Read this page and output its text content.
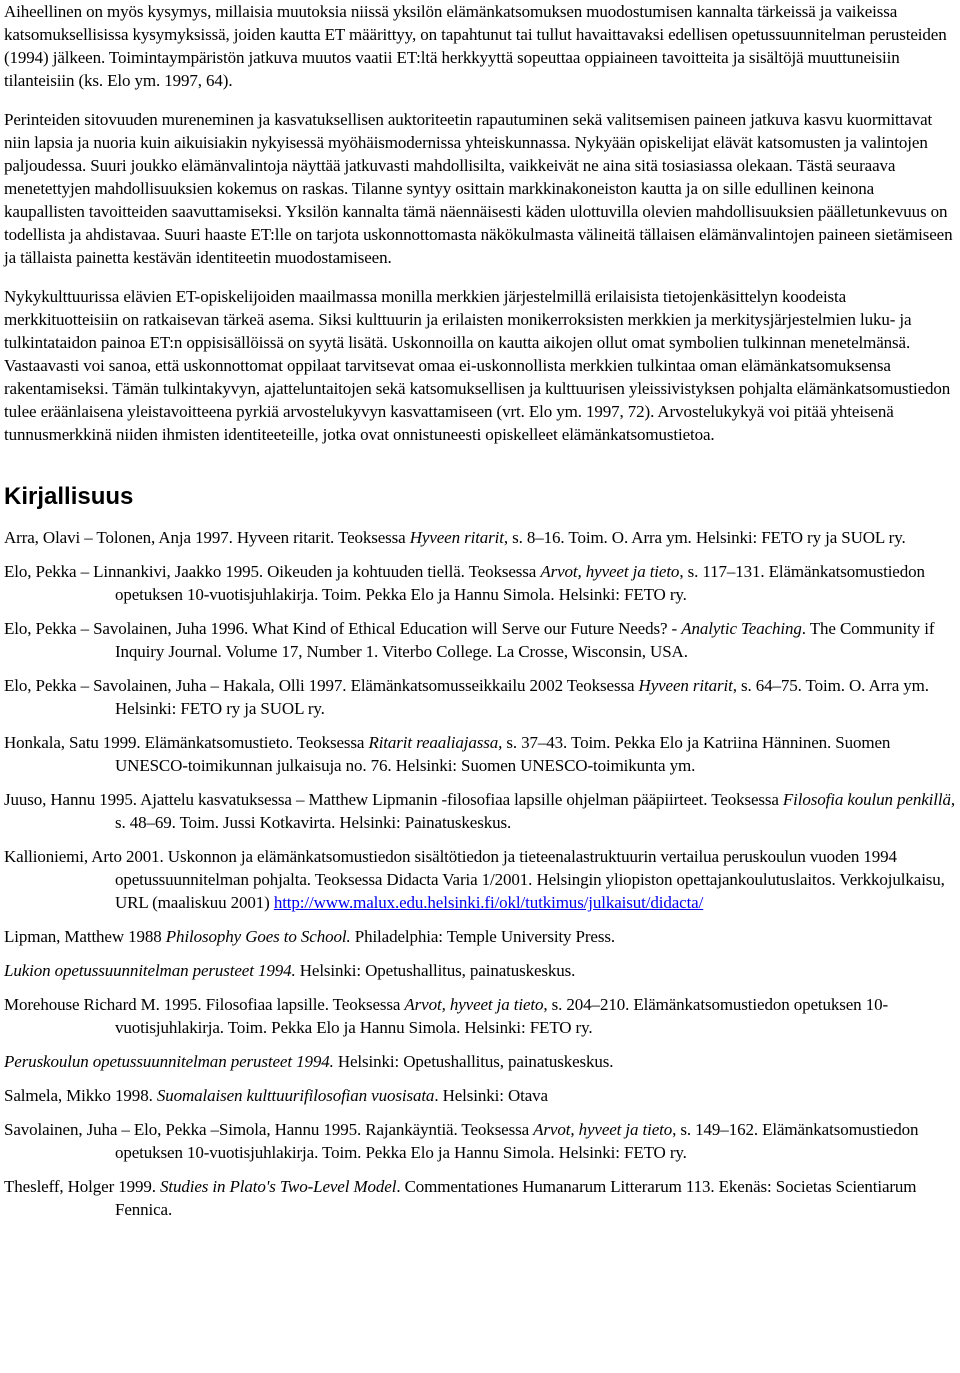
Aiheellinen on myös kysymys, millaisia muutoksia niissä yksilön elämänkatsomuksen muodostumisen kannalta tärkeissä ja vaikeissa katsomuksellisissa kysymyksissä, joiden kautta ET määrittyy, on tapahtunut tai tullut havaittavaksi edellisen opetussuunnitelman perusteiden (1994) jälkeen. Toimintaympäristön jatkuva muutos vaatii ET:ltä herkkyyttä sopeuttaa oppiaineen tavoitteita ja sisältöjä muuttuneisiin tilanteisiin (ks. Elo ym. 1997, 64).

Perinteiden sitovuuden mureneminen ja kasvatuksellisen auktoriteetin rapautuminen sekä valitsemisen paineen jatkuva kasvu kuormittavat niin lapsia ja nuoria kuin aikuisiakin nykyisessä myöhäismodernissa yhteiskunnassa. Nykyään opiskelijat elävät katsomusten ja valintojen paljoudessa. Suuri joukko elämänvalintoja näyttää jatkuvasti mahdollisilta, vaikkeivät ne aina sitä tosiasiassa olekaan. Tästä seuraava menetettyjen mahdollisuuksien kokemus on raskas. Tilanne syntyy osittain markkinakoneiston kautta ja on sille edullinen keinona kaupallisten tavoitteiden saavuttamiseksi. Yksilön kannalta tämä näennäisesti käden ulottuvilla olevien mahdollisuuksien päälletunkevuus on todellista ja ahdistavaa. Suuri haaste ET:lle on tarjota uskonnottomasta näkökulmasta välineitä tällaisen elämänvalintojen paineen sietämiseen ja tällaista painetta kestävän identiteetin muodostamiseen.

Nykykulttuurissa elävien ET-opiskelijoiden maailmassa monilla merkkien järjestelmillä erilaisista tietojenkäsittelyn koodeista merkkituotteisiin on ratkaisevan tärkeä asema. Siksi kulttuurin ja erilaisten monikerroksisten merkkien ja merkitysjärjestelmien luku- ja tulkintataidon painoa ET:n oppisisällöissä on syytä lisätä. Uskonnoilla on kautta aikojen ollut omat symbolien tulkinnan menetelmänsä. Vastaavasti voi sanoa, että uskonnottomat oppilaat tarvitsevat omaa ei-uskonnollista merkkien tulkintaa oman elämänkatsomuksensa rakentamiseksi. Tämän tulkintakyvyn, ajatteluntaitojen sekä katsomuksellisen ja kulttuurisen yleissivistyksen pohjalta elämänkatsomustiedon tulee eräänlaisena yleistavoitteena pyrkiä arvostelukyvyn kasvattamiseen (vrt. Elo ym. 1997, 72). Arvostelukykyä voi pitää yhteisenä tunnusmerkkinä niiden ihmisten identiteeteille, jotka ovat onnistuneesti opiskelleet elämänkatsomustietoa.

Kirjallisuus

Arra, Olavi – Tolonen, Anja 1997. Hyveen ritarit. Teoksessa Hyveen ritarit, s. 8–16. Toim. O. Arra ym. Helsinki: FETO ry ja SUOL ry.

Elo, Pekka – Linnankivi, Jaakko 1995. Oikeuden ja kohtuuden tiellä. Teoksessa Arvot, hyveet ja tieto, s. 117–131. Elämänkatsomustiedon opetuksen 10-vuotisjuhlakirja. Toim. Pekka Elo ja Hannu Simola. Helsinki: FETO ry.

Elo, Pekka – Savolainen, Juha 1996. What Kind of Ethical Education will Serve our Future Needs? - Analytic Teaching. The Community if Inquiry Journal. Volume 17, Number 1. Viterbo College. La Crosse, Wisconsin, USA.

Elo, Pekka – Savolainen, Juha – Hakala, Olli 1997. Elämänkatsomusseikkailu 2002 Teoksessa Hyveen ritarit, s. 64–75. Toim. O. Arra ym. Helsinki: FETO ry ja SUOL ry.

Honkala, Satu 1999. Elämänkatsomustieto. Teoksessa Ritarit reaaliajassa, s. 37–43. Toim. Pekka Elo ja Katriina Hänninen. Suomen UNESCO-toimikunnan julkaisuja no. 76. Helsinki: Suomen UNESCO-toimikunta ym.

Juuso, Hannu 1995. Ajattelu kasvatuksessa – Matthew Lipmanin -filosofiaa lapsille ohjelman pääpiirteet. Teoksessa Filosofia koulun penkillä, s. 48–69. Toim. Jussi Kotkavirta. Helsinki: Painatuskeskus.

Kallioniemi, Arto 2001. Uskonnon ja elämänkatsomustiedon sisältötiedon ja tieteenalastruktuurin vertailua peruskoulun vuoden 1994 opetussuunnitelman pohjalta. Teoksessa Didacta Varia 1/2001. Helsingin yliopiston opettajankoulutuslaitos. Verkkojulkaisu, URL (maaliskuu 2001) http://www.malux.edu.helsinki.fi/okl/tutkimus/julkaisut/didacta/

Lipman, Matthew 1988 Philosophy Goes to School. Philadelphia: Temple University Press.

Lukion opetussuunnitelman perusteet 1994. Helsinki: Opetushallitus, painatuskeskus.

Morehouse Richard M. 1995. Filosofiaa lapsille. Teoksessa Arvot, hyveet ja tieto, s. 204–210. Elämänkatsomustiedon opetuksen 10-vuotisjuhlakirja. Toim. Pekka Elo ja Hannu Simola. Helsinki: FETO ry.

Peruskoulun opetussuunnitelman perusteet 1994. Helsinki: Opetushallitus, painatuskeskus.

Salmela, Mikko 1998. Suomalaisen kulttuurifilosofian vuosisata. Helsinki: Otava

Savolainen, Juha – Elo, Pekka –Simola, Hannu 1995. Rajankäyntiä. Teoksessa Arvot, hyveet ja tieto, s. 149–162. Elämänkatsomustiedon opetuksen 10-vuotisjuhlakirja. Toim. Pekka Elo ja Hannu Simola. Helsinki: FETO ry.

Thesleff, Holger 1999. Studies in Plato's Two-Level Model. Commentationes Humanarum Litterarum 113. Ekenäs: Societas Scientiarum Fennica.
